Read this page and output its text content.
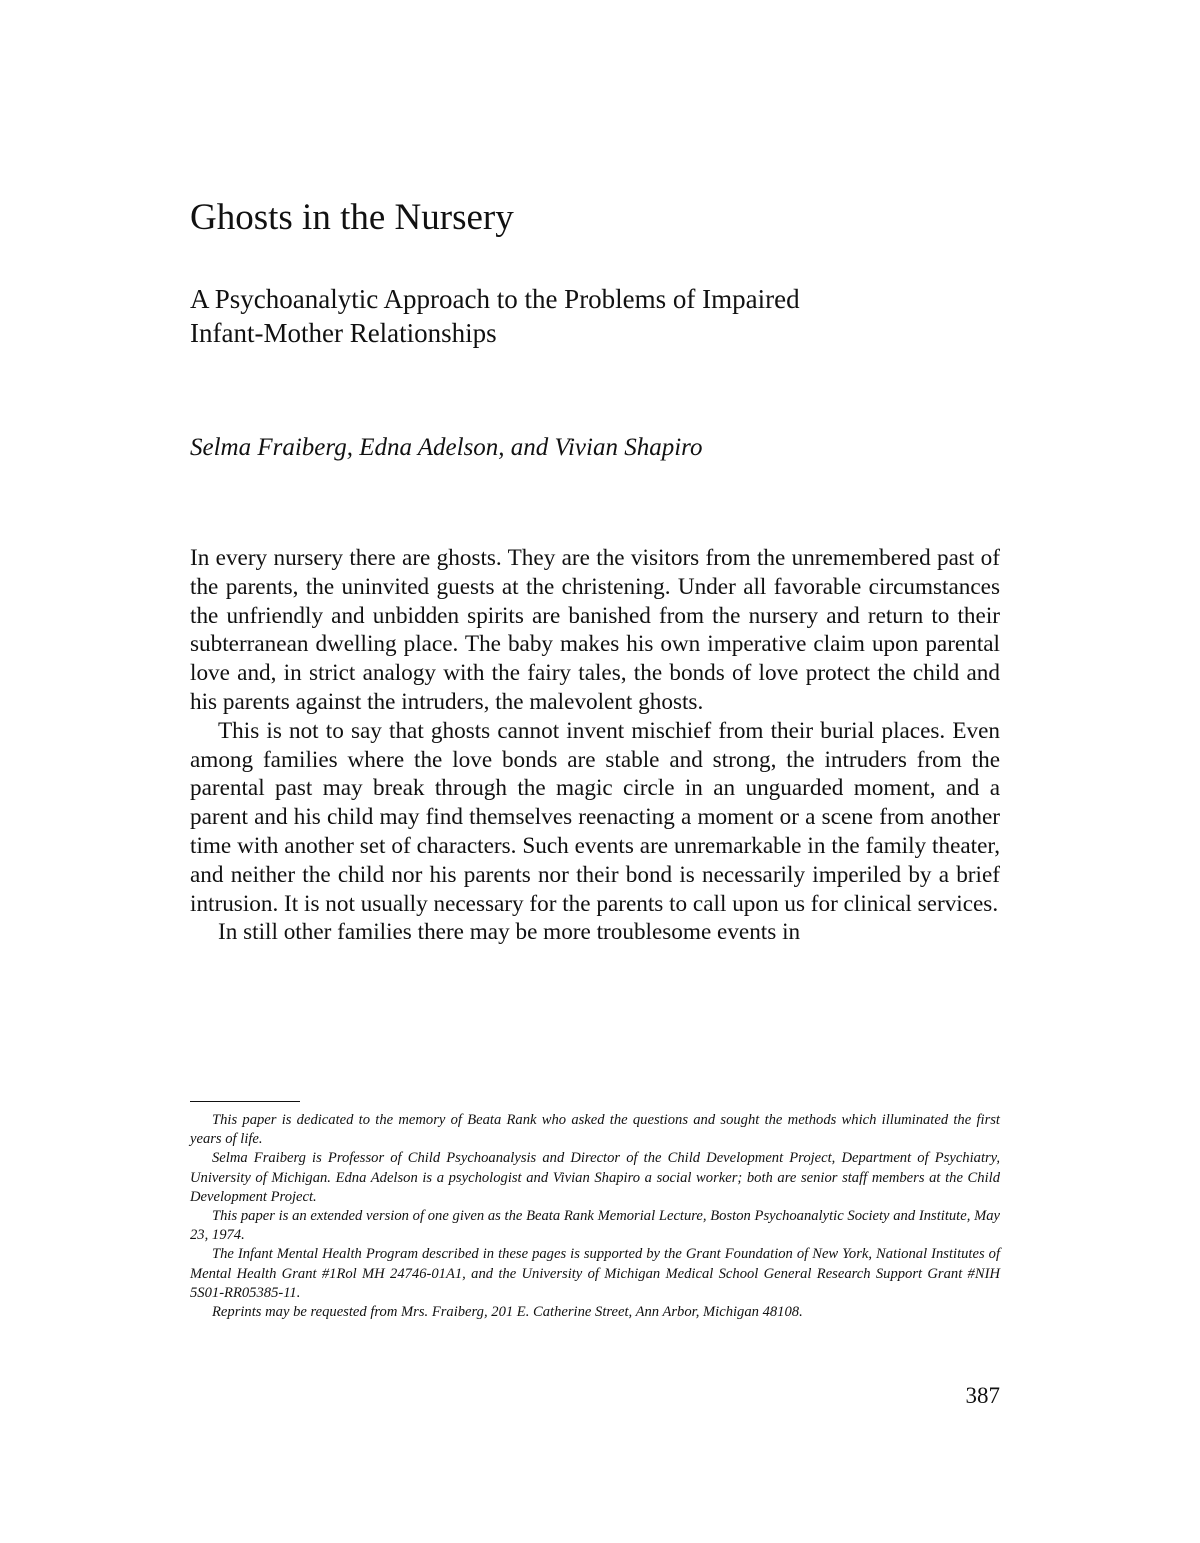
Ghosts in the Nursery
A Psychoanalytic Approach to the Problems of Impaired
Infant-Mother Relationships

Selma Fraiberg, Edna Adelson, and Vivian Shapiro

In every nursery there are ghosts. They are the visitors from the unremembered past of the parents, the uninvited guests at the christening. Under all favorable circumstances the unfriendly and unbidden spirits are banished from the nursery and return to their subterranean dwelling place. The baby makes his own imperative claim upon parental love and, in strict analogy with the fairy tales, the bonds of love protect the child and his parents against the intruders, the malevolent ghosts.

This is not to say that ghosts cannot invent mischief from their burial places. Even among families where the love bonds are stable and strong, the intruders from the parental past may break through the magic circle in an unguarded moment, and a parent and his child may find themselves reenacting a moment or a scene from another time with another set of characters. Such events are unremarkable in the family theater, and neither the child nor his parents nor their bond is necessarily imperiled by a brief intrusion. It is not usually necessary for the parents to call upon us for clinical services.

In still other families there may be more troublesome events in

This paper is dedicated to the memory of Beata Rank who asked the questions and sought the methods which illuminated the first years of life.

Selma Fraiberg is Professor of Child Psychoanalysis and Director of the Child Development Project, Department of Psychiatry, University of Michigan. Edna Adelson is a psychologist and Vivian Shapiro a social worker; both are senior staff members at the Child Development Project.

This paper is an extended version of one given as the Beata Rank Memorial Lecture, Boston Psychoanalytic Society and Institute, May 23, 1974.

The Infant Mental Health Program described in these pages is supported by the Grant Foundation of New York, National Institutes of Mental Health Grant #1Rol MH 24746-01A1, and the University of Michigan Medical School General Research Support Grant #NIH 5S01-RR05385-11.

Reprints may be requested from Mrs. Fraiberg, 201 E. Catherine Street, Ann Arbor, Michigan 48108.

387
